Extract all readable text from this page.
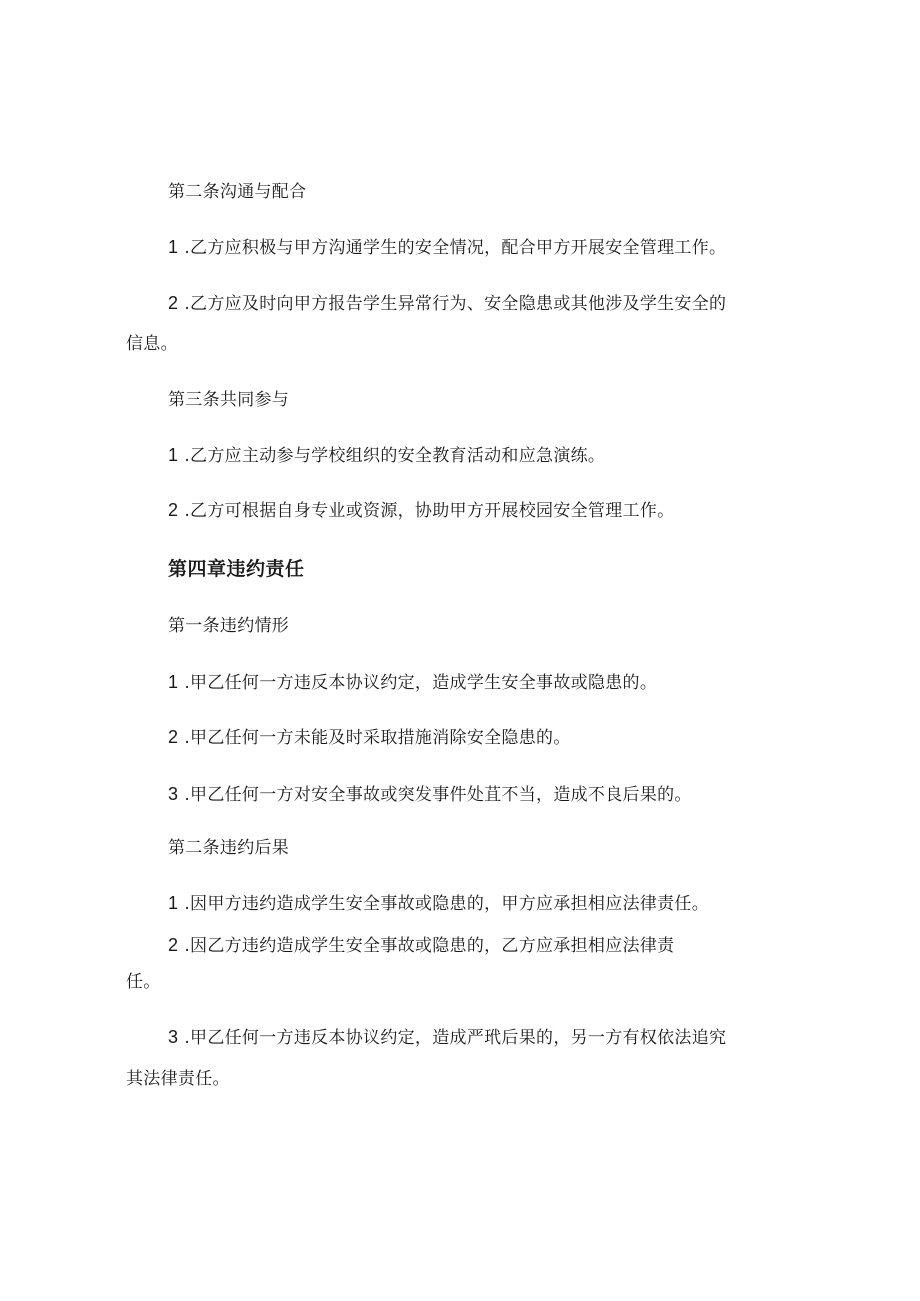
第二条沟通与配合
1 .乙方应积极与甲方沟通学生的安全情况，配合甲方开展安全管理工作。
2 .乙方应及时向甲方报告学生异常行为、安全隐患或其他涉及学生安全的
信息。
第三条共同参与
1 .乙方应主动参与学校组织的安全教育活动和应急演练。
2 .乙方可根据自身专业或资源，协助甲方开展校园安全管理工作。
第四章违约责任
第一条违约情形
1 .甲乙任何一方违反本协议约定，造成学生安全事故或隐患的。
2 .甲乙任何一方未能及时采取措施消除安全隐患的。
3 .甲乙任何一方对安全事故或突发事件处苴不当，造成不良后果的。
第二条违约后果
1 .因甲方违约造成学生安全事故或隐患的，甲方应承担相应法律责任。
2 .因乙方违约造成学生安全事故或隐患的，乙方应承担相应法律责
任。
3 .甲乙任何一方违反本协议约定，造成严玳后果的，另一方有权依法追究
其法律责任。
